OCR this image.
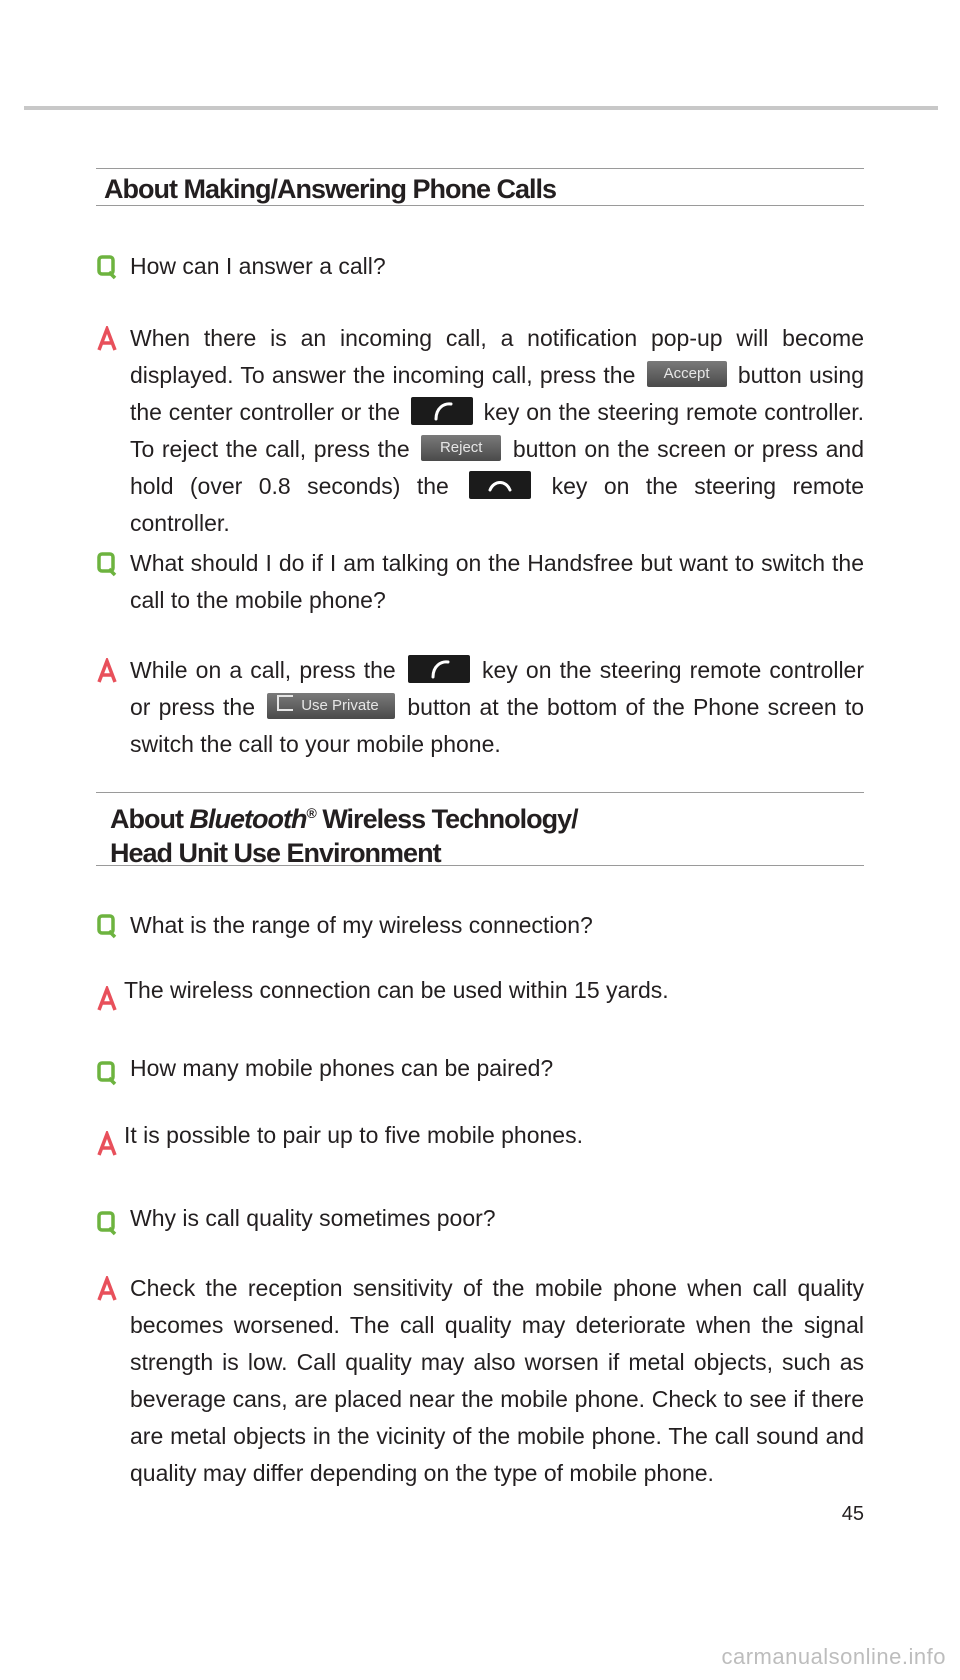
About Making/Answering Phone Calls
How can I answer a call?
When there is an incoming call, a notification pop-up will become displayed. To answer the incoming call, press the Accept button using the center controller or the	key on the steering remote controller. To reject the call, press the Reject button on the screen or press and hold (over 0.8 seconds) the	key on the steering remote controller.
What should I do if I am talking on the Handsfree but want to switch the call to the mobile phone?
While on a call, press the	key on the steering remote controller or press the	Use Private button at the bottom of the Phone screen to switch the call to your mobile phone.
About Bluetooth® Wireless Technology/
Head Unit Use Environment
What is the range of my wireless connection?
The wireless connection can be used within 15 yards.
How many mobile phones can be paired?
It is possible to pair up to five mobile phones.
Why is call quality sometimes poor?
Check the reception sensitivity of the mobile phone when call quality becomes worsened. The call quality may deteriorate when the signal strength is low. Call quality may also worsen if metal objects, such as beverage cans, are placed near the mobile phone. Check to see if there are metal objects in the vicinity of the mobile phone. The call sound and quality may differ depending on the type of mobile phone.
45
carmanualsonline.info
